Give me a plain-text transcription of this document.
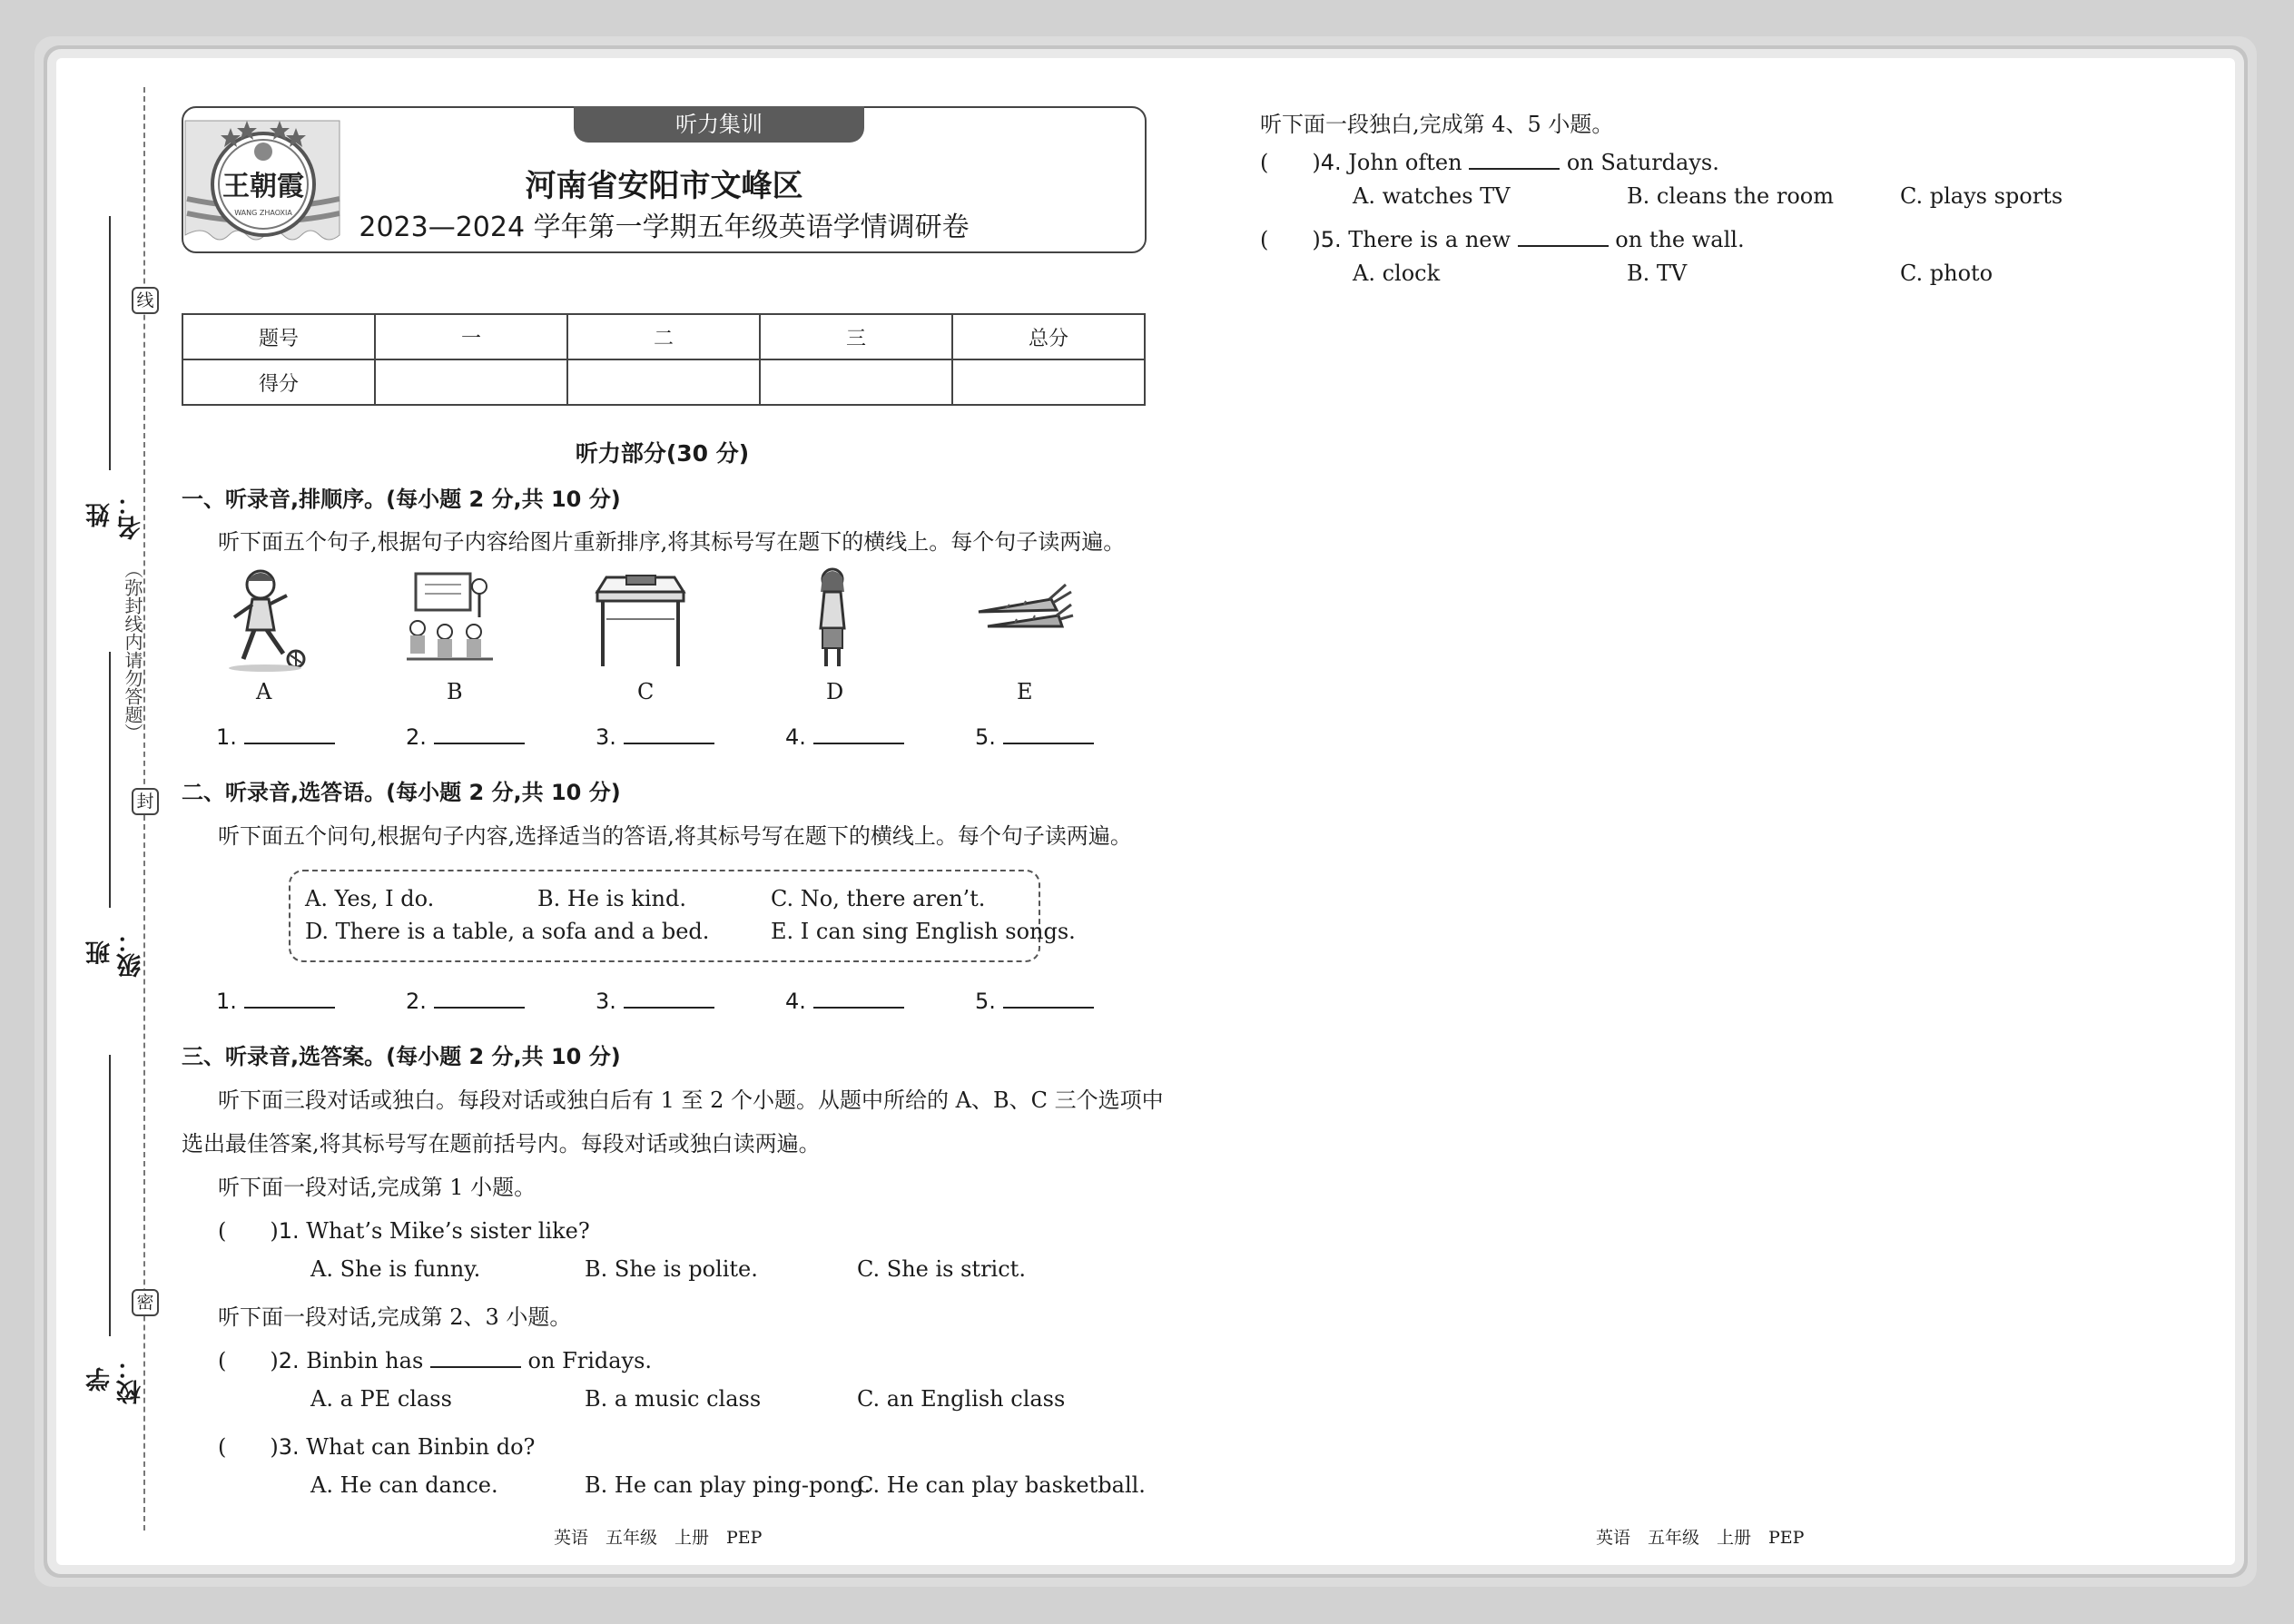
姓名：
班级：
学校：
（弥封线内请勿答题）
线
封
密
王朝霞
WANG ZHAOXIA
听力集训
河南省安阳市文峰区
2023—2024 学年第一学期五年级英语学情调研卷
题号	一	二	三	总分
得分				
听力部分(30 分)
一、听录音,排顺序。(每小题 2 分,共 10 分)
听下面五个句子,根据句子内容给图片重新排序,将其标号写在题下的横线上。每个句子读两遍。
A	B	C	D	E
1.	2.	3.	4.	5.
二、听录音,选答语。(每小题 2 分,共 10 分)
听下面五个问句,根据句子内容,选择适当的答语,将其标号写在题下的横线上。每个句子读两遍。
A. Yes, I do.	B. He is kind.	C. No, there aren’t.
D. There is a table, a sofa and a bed.	E. I can sing English songs.
1.	2.	3.	4.	5.
三、听录音,选答案。(每小题 2 分,共 10 分)
听下面三段对话或独白。每段对话或独白后有 1 至 2 个小题。从题中所给的 A、B、C 三个选项中
选出最佳答案,将其标号写在题前括号内。每段对话或独白读两遍。
听下面一段对话,完成第 1 小题。
(　　)1. What’s Mike’s sister like?
A. She is funny.	B. She is polite.	C. She is strict.
听下面一段对话,完成第 2、3 小题。
(　　)2. Binbin has	on Fridays.
A. a PE class	B. a music class	C. an English class
(　　)3. What can Binbin do?
A. He can dance.	B. He can play ping-pong.
C. He can play basketball.
听下面一段独白,完成第 4、5 小题。
(　　)4. John often	on Saturdays.
A. watches TV	B. cleans the room	C. plays sports
(　　)5. There is a new	on the wall.
A. clock	B. TV	C. photo
英语　五年级　上册　PEP	英语　五年级　上册　PEP
